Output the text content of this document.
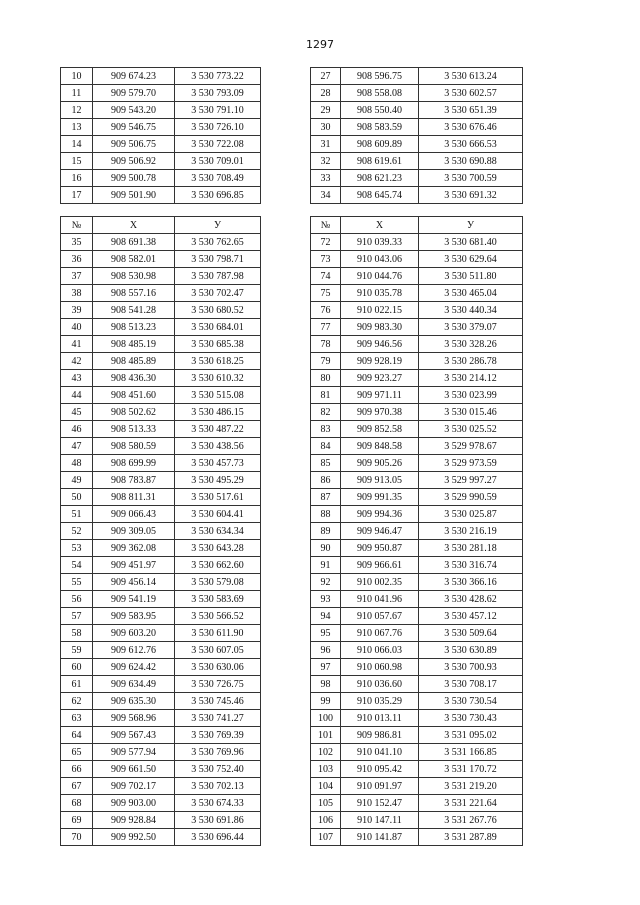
1297
10	909 674.23	3 530 773.22
11	909 579.70	3 530 793.09
12	909 543.20	3 530 791.10
13	909 546.75	3 530 726.10
14	909 506.75	3 530 722.08
15	909 506.92	3 530 709.01
16	909 500.78	3 530 708.49
17	909 501.90	3 530 696.85
27	908 596.75	3 530 613.24
28	908 558.08	3 530 602.57
29	908 550.40	3 530 651.39
30	908 583.59	3 530 676.46
31	908 609.89	3 530 666.53
32	908 619.61	3 530 690.88
33	908 621.23	3 530 700.59
34	908 645.74	3 530 691.32
№	X	У
35	908 691.38	3 530 762.65
36	908 582.01	3 530 798.71
37	908 530.98	3 530 787.98
38	908 557.16	3 530 702.47
39	908 541.28	3 530 680.52
40	908 513.23	3 530 684.01
41	908 485.19	3 530 685.38
42	908 485.89	3 530 618.25
43	908 436.30	3 530 610.32
44	908 451.60	3 530 515.08
45	908 502.62	3 530 486.15
46	908 513.33	3 530 487.22
47	908 580.59	3 530 438.56
48	908 699.99	3 530 457.73
49	908 783.87	3 530 495.29
50	908 811.31	3 530 517.61
51	909 066.43	3 530 604.41
52	909 309.05	3 530 634.34
53	909 362.08	3 530 643.28
54	909 451.97	3 530 662.60
55	909 456.14	3 530 579.08
56	909 541.19	3 530 583.69
57	909 583.95	3 530 566.52
58	909 603.20	3 530 611.90
59	909 612.76	3 530 607.05
60	909 624.42	3 530 630.06
61	909 634.49	3 530 726.75
62	909 635.30	3 530 745.46
63	909 568.96	3 530 741.27
64	909 567.43	3 530 769.39
65	909 577.94	3 530 769.96
66	909 661.50	3 530 752.40
67	909 702.17	3 530 702.13
68	909 903.00	3 530 674.33
69	909 928.84	3 530 691.86
70	909 992.50	3 530 696.44
№	X	У
72	910 039.33	3 530 681.40
73	910 043.06	3 530 629.64
74	910 044.76	3 530 511.80
75	910 035.78	3 530 465.04
76	910 022.15	3 530 440.34
77	909 983.30	3 530 379.07
78	909 946.56	3 530 328.26
79	909 928.19	3 530 286.78
80	909 923.27	3 530 214.12
81	909 971.11	3 530 023.99
82	909 970.38	3 530 015.46
83	909 852.58	3 530 025.52
84	909 848.58	3 529 978.67
85	909 905.26	3 529 973.59
86	909 913.05	3 529 997.27
87	909 991.35	3 529 990.59
88	909 994.36	3 530 025.87
89	909 946.47	3 530 216.19
90	909 950.87	3 530 281.18
91	909 966.61	3 530 316.74
92	910 002.35	3 530 366.16
93	910 041.96	3 530 428.62
94	910 057.67	3 530 457.12
95	910 067.76	3 530 509.64
96	910 066.03	3 530 630.89
97	910 060.98	3 530 700.93
98	910 036.60	3 530 708.17
99	910 035.29	3 530 730.54
100	910 013.11	3 530 730.43
101	909 986.81	3 531 095.02
102	910 041.10	3 531 166.85
103	910 095.42	3 531 170.72
104	910 091.97	3 531 219.20
105	910 152.47	3 531 221.64
106	910 147.11	3 531 267.76
107	910 141.87	3 531 287.89
